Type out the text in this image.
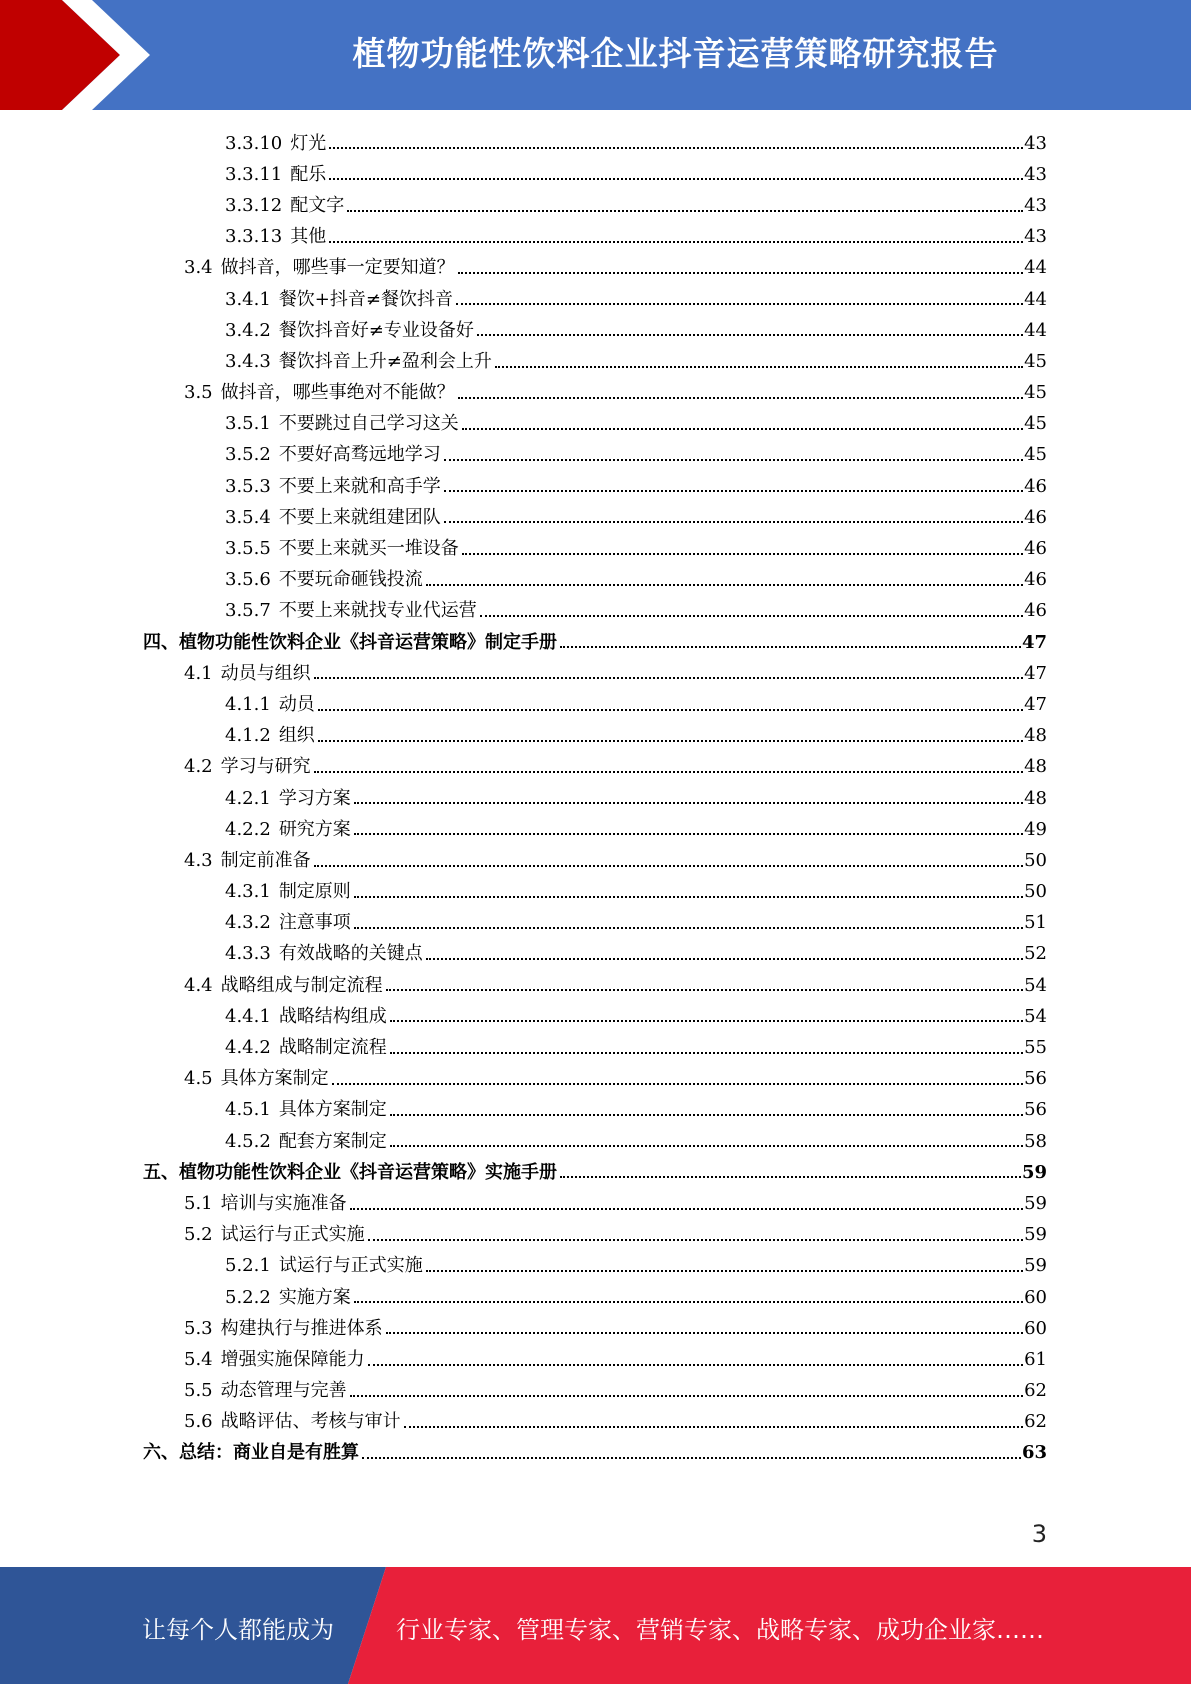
植物功能性饮料企业抖音运营策略研究报告
3.3.10 灯光	43
3.3.11 配乐	43
3.3.12 配文字	43
3.3.13 其他	43
3.4 做抖音，哪些事一定要知道？	44
3.4.1 餐饮+抖音≠餐饮抖音	44
3.4.2 餐饮抖音好≠专业设备好	44
3.4.3 餐饮抖音上升≠盈利会上升	45
3.5 做抖音，哪些事绝对不能做？	45
3.5.1 不要跳过自己学习这关	45
3.5.2 不要好高骛远地学习	45
3.5.3 不要上来就和高手学	46
3.5.4 不要上来就组建团队	46
3.5.5 不要上来就买一堆设备	46
3.5.6 不要玩命砸钱投流	46
3.5.7 不要上来就找专业代运营	46
四、植物功能性饮料企业《抖音运营策略》制定手册	47
4.1 动员与组织	47
4.1.1 动员	47
4.1.2 组织	48
4.2 学习与研究	48
4.2.1 学习方案	48
4.2.2 研究方案	49
4.3 制定前准备	50
4.3.1 制定原则	50
4.3.2 注意事项	51
4.3.3 有效战略的关键点	52
4.4 战略组成与制定流程	54
4.4.1 战略结构组成	54
4.4.2 战略制定流程	55
4.5 具体方案制定	56
4.5.1 具体方案制定	56
4.5.2 配套方案制定	58
五、植物功能性饮料企业《抖音运营策略》实施手册	59
5.1 培训与实施准备	59
5.2 试运行与正式实施	59
5.2.1 试运行与正式实施	59
5.2.2 实施方案	60
5.3 构建执行与推进体系	60
5.4 增强实施保障能力	61
5.5 动态管理与完善	62
5.6 战略评估、考核与审计	62
六、总结：商业自是有胜算	63
3
让每个人都能成为	行业专家、管理专家、营销专家、战略专家、成功企业家……
